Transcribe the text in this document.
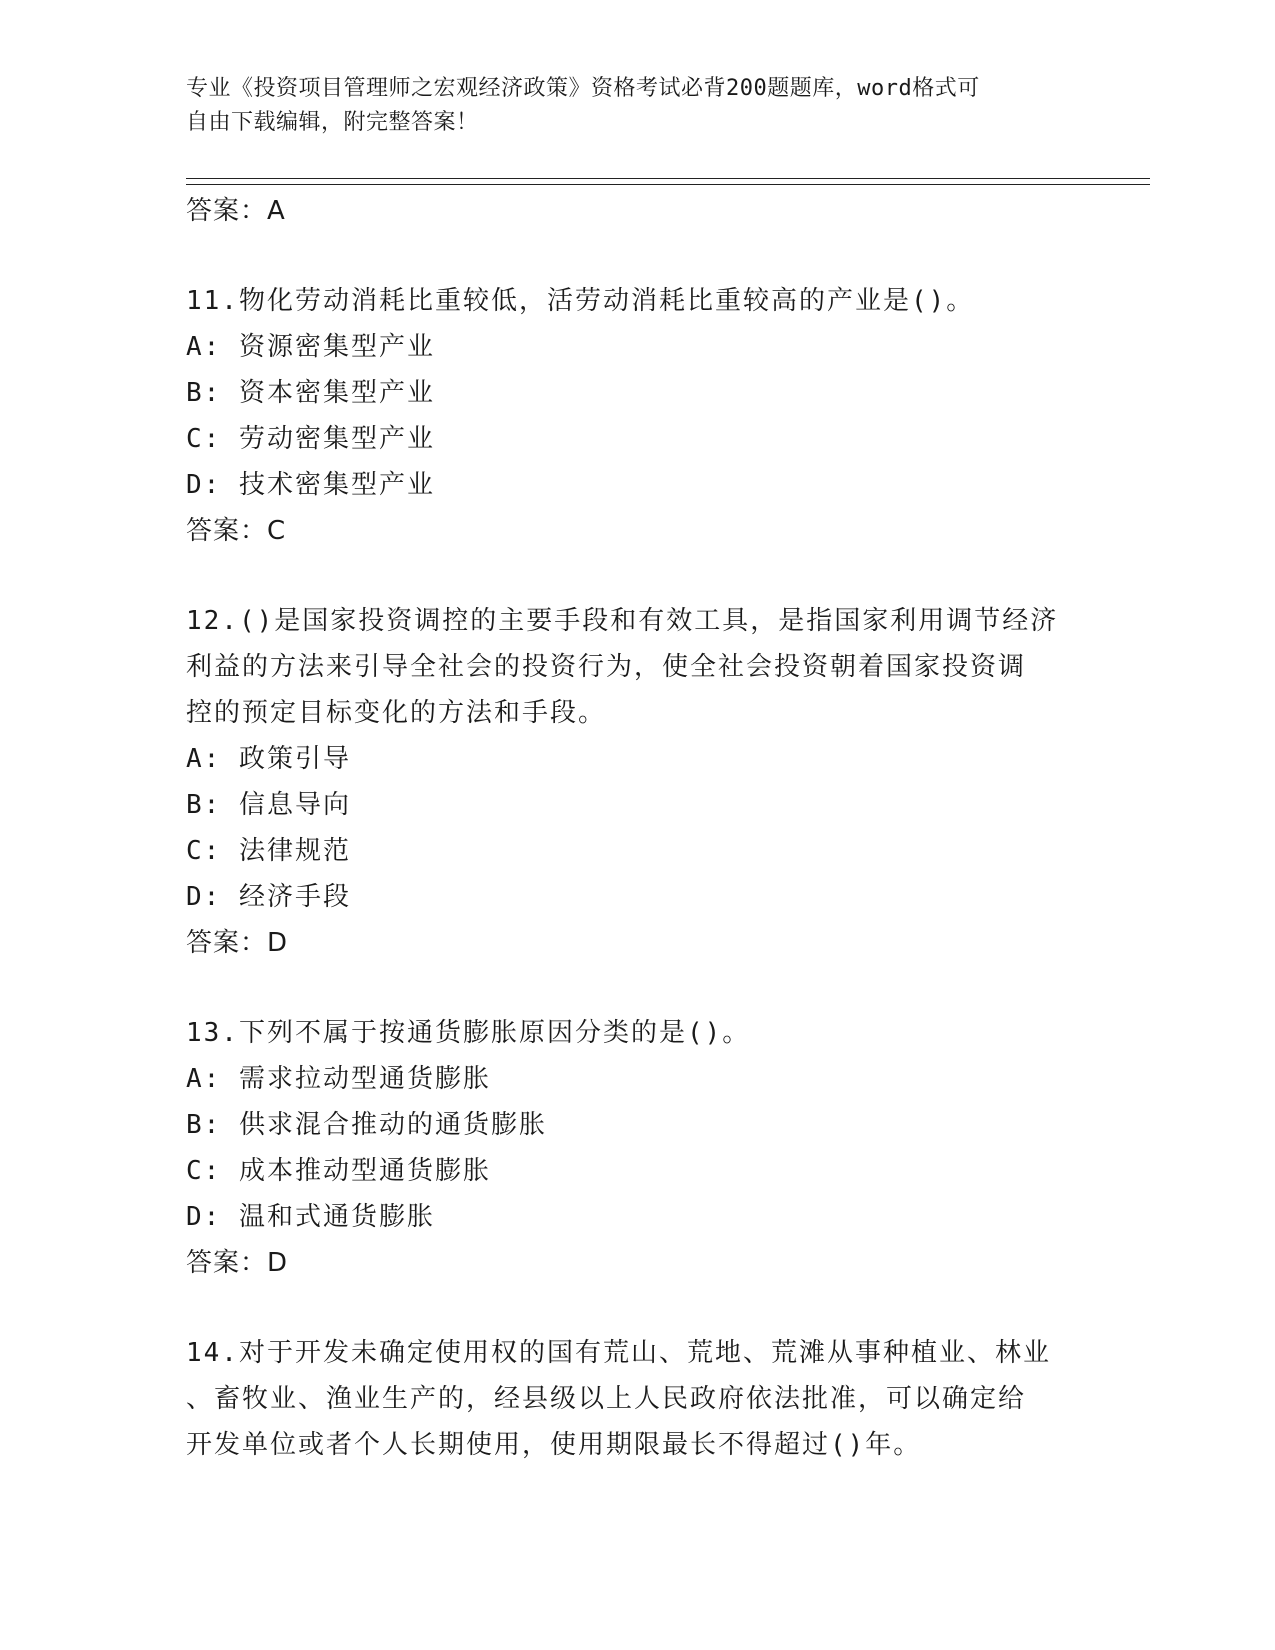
专业《投资项目管理师之宏观经济政策》资格考试必背200题题库，word格式可
自由下载编辑，附完整答案！
答案：A
11.物化劳动消耗比重较低，活劳动消耗比重较高的产业是()。
A: 资源密集型产业
B: 资本密集型产业
C: 劳动密集型产业
D: 技术密集型产业
答案：C
12.()是国家投资调控的主要手段和有效工具，是指国家利用调节经济
利益的方法来引导全社会的投资行为，使全社会投资朝着国家投资调
控的预定目标变化的方法和手段。
A: 政策引导
B: 信息导向
C: 法律规范
D: 经济手段
答案：D
13.下列不属于按通货膨胀原因分类的是()。
A: 需求拉动型通货膨胀
B: 供求混合推动的通货膨胀
C: 成本推动型通货膨胀
D: 温和式通货膨胀
答案：D
14.对于开发未确定使用权的国有荒山、荒地、荒滩从事种植业、林业
、畜牧业、渔业生产的，经县级以上人民政府依法批准，可以确定给
开发单位或者个人长期使用，使用期限最长不得超过()年。
